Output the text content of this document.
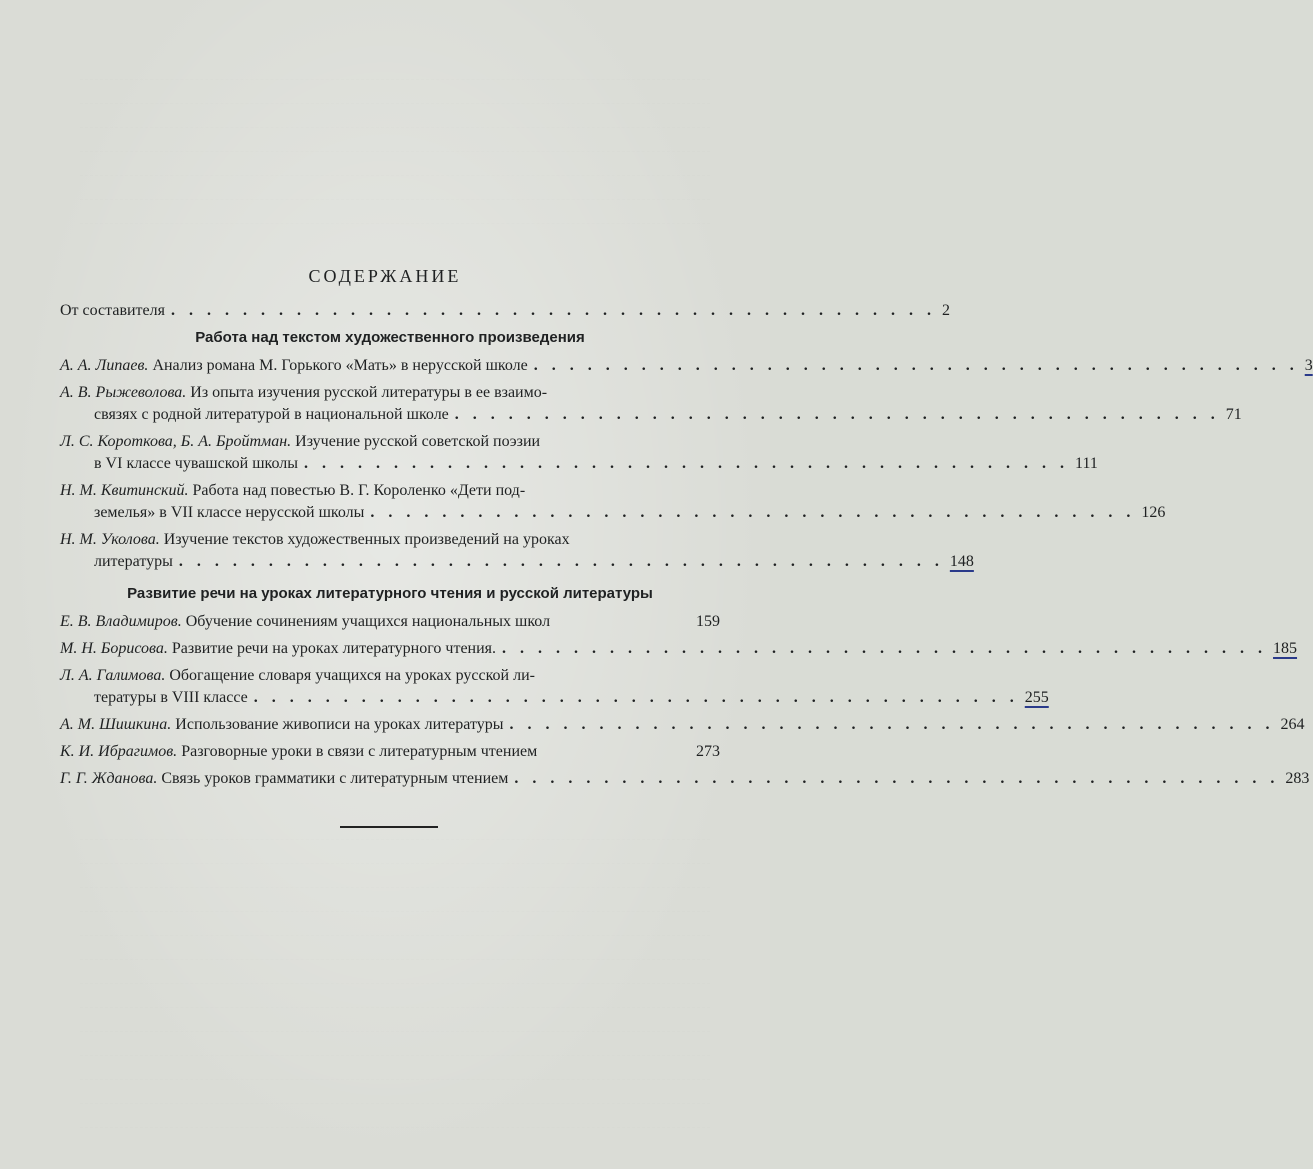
СОДЕРЖАНИЕ
От составителя . . . . . . . . . . . . . . . . . . . . . . . . . . . . . . . . . . . . . . . . . . . 2
Работа над текстом художественного произведения
А. А. Липаев. Анализ романа М. Горького «Мать» в нерусской школе . . . . . . . . . . . . . . . . . . . . . . . . . . . . . . . . . . . . . . . . . . . 3
А. В. Рыжеволова. Из опыта изучения русской литературы в ее взаимо-
связях с родной литературой в национальной школе . . . . . . . . . . . . . . . . . . . . . . . . . . . . . . . . . . . . . . . . . . . 71
Л. С. Короткова, Б. А. Бройтман. Изучение русской советской поэзии
в VI классе чувашской школы . . . . . . . . . . . . . . . . . . . . . . . . . . . . . . . . . . . . . . . . . . . 111
Н. М. Квитинский. Работа над повестью В. Г. Короленко «Дети под-
земелья» в VII классе нерусской школы . . . . . . . . . . . . . . . . . . . . . . . . . . . . . . . . . . . . . . . . . . . 126
Н. М. Уколова. Изучение текстов художественных произведений на уроках
литературы . . . . . . . . . . . . . . . . . . . . . . . . . . . . . . . . . . . . . . . . . . . 148
Развитие речи на уроках литературного чтения и русской литературы
Е. В. Владимиров. Обучение сочинениям учащихся национальных школ	159
М. Н. Борисова. Развитие речи на уроках литературного чтения. . . . . . . . . . . . . . . . . . . . . . . . . . . . . . . . . . . . . . . . . . . . 185
Л. А. Галимова. Обогащение словаря учащихся на уроках русской ли-
тературы в VIII классе . . . . . . . . . . . . . . . . . . . . . . . . . . . . . . . . . . . . . . . . . . . 255
А. М. Шишкина. Использование живописи на уроках литературы . . . . . . . . . . . . . . . . . . . . . . . . . . . . . . . . . . . . . . . . . . . 264
К. И. Ибрагимов. Разговорные уроки в связи с литературным чтением	273
Г. Г. Жданова. Связь уроков грамматики с литературным чтением . . . . . . . . . . . . . . . . . . . . . . . . . . . . . . . . . . . . . . . . . . . 283
